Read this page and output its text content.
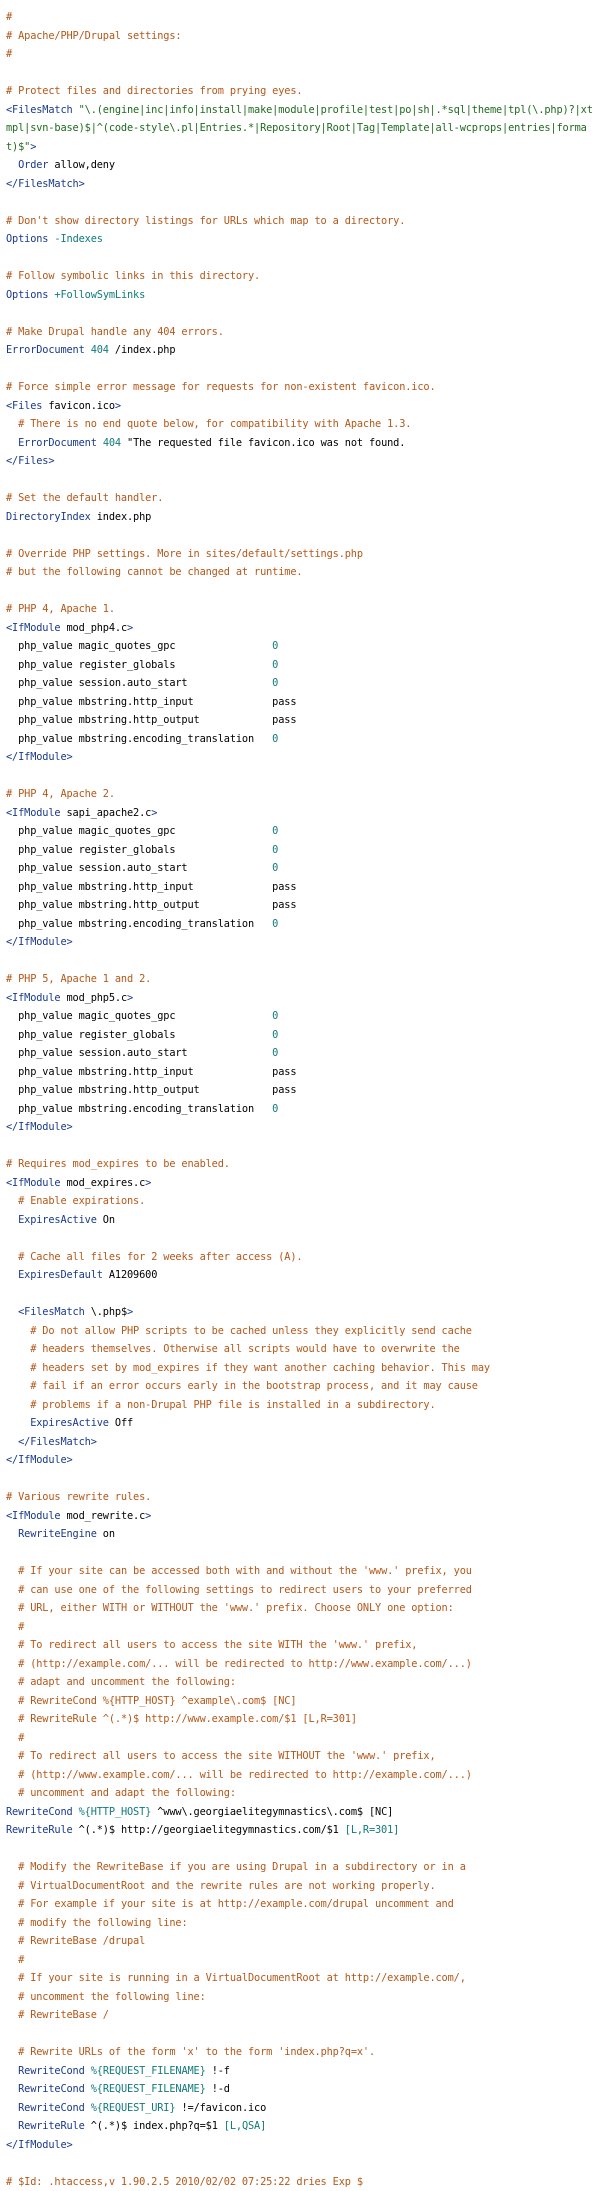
#
# Apache/PHP/Drupal settings:
#

# Protect files and directories from prying eyes.
<FilesMatch "\.(engine|inc|info|install|make|module|profile|test|po|sh|.*sql|theme|tpl(\.php)?|xtmpl|svn-base)$|^(code-style\.pl|Entries.*|Repository|Root|Tag|Template|all-wcprops|entries|format)$">
Order allow,deny
</FilesMatch>

# Don't show directory listings for URLs which map to a directory.
Options -Indexes

# Follow symbolic links in this directory.
Options +FollowSymLinks

# Make Drupal handle any 404 errors.
ErrorDocument 404 /index.php

# Force simple error message for requests for non-existent favicon.ico.
<Files favicon.ico>
# There is no end quote below, for compatibility with Apache 1.3.
ErrorDocument 404 "The requested file favicon.ico was not found.
</Files>

# Set the default handler.
DirectoryIndex index.php

# Override PHP settings. More in sites/default/settings.php
# but the following cannot be changed at runtime.

# PHP 4, Apache 1.
<IfModule mod_php4.c>
php_value magic_quotes_gpc                0
php_value register_globals                0
php_value session.auto_start              0
php_value mbstring.http_input             pass
php_value mbstring.http_output            pass
php_value mbstring.encoding_translation   0
</IfModule>

# PHP 4, Apache 2.
<IfModule sapi_apache2.c>
php_value magic_quotes_gpc                0
php_value register_globals                0
php_value session.auto_start              0
php_value mbstring.http_input             pass
php_value mbstring.http_output            pass
php_value mbstring.encoding_translation   0
</IfModule>

# PHP 5, Apache 1 and 2.
<IfModule mod_php5.c>
php_value magic_quotes_gpc                0
php_value register_globals                0
php_value session.auto_start              0
php_value mbstring.http_input             pass
php_value mbstring.http_output            pass
php_value mbstring.encoding_translation   0
</IfModule>

# Requires mod_expires to be enabled.
<IfModule mod_expires.c>
# Enable expirations.
ExpiresActive On

# Cache all files for 2 weeks after access (A).
ExpiresDefault A1209600

<FilesMatch \.php$>
# Do not allow PHP scripts to be cached unless they explicitly send cache
# headers themselves. Otherwise all scripts would have to overwrite the
# headers set by mod_expires if they want another caching behavior. This may
# fail if an error occurs early in the bootstrap process, and it may cause
# problems if a non-Drupal PHP file is installed in a subdirectory.
ExpiresActive Off
</FilesMatch>
</IfModule>

# Various rewrite rules.
<IfModule mod_rewrite.c>
RewriteEngine on

# If your site can be accessed both with and without the 'www.' prefix, you
# can use one of the following settings to redirect users to your preferred
# URL, either WITH or WITHOUT the 'www.' prefix. Choose ONLY one option:
#
# To redirect all users to access the site WITH the 'www.' prefix,
# (http://example.com/... will be redirected to http://www.example.com/...)
# adapt and uncomment the following:
# RewriteCond %{HTTP_HOST} ^example\.com$ [NC]
# RewriteRule ^(.*)$ http://www.example.com/$1 [L,R=301]
#
# To redirect all users to access the site WITHOUT the 'www.' prefix,
# (http://www.example.com/... will be redirected to http://example.com/...)
# uncomment and adapt the following:
RewriteCond %{HTTP_HOST} ^www\.georgiaelitegymnastics\.com$ [NC]
RewriteRule ^(.*)$ http://georgiaelitegymnastics.com/$1 [L,R=301]

# Modify the RewriteBase if you are using Drupal in a subdirectory or in a
# VirtualDocumentRoot and the rewrite rules are not working properly.
# For example if your site is at http://example.com/drupal uncomment and
# modify the following line:
# RewriteBase /drupal
#
# If your site is running in a VirtualDocumentRoot at http://example.com/,
# uncomment the following line:
# RewriteBase /

# Rewrite URLs of the form 'x' to the form 'index.php?q=x'.
RewriteCond %{REQUEST_FILENAME} !-f
RewriteCond %{REQUEST_FILENAME} !-d
RewriteCond %{REQUEST_URI} !=/favicon.ico
RewriteRule ^(.*)$ index.php?q=$1 [L,QSA]
</IfModule>

# $Id: .htaccess,v 1.90.2.5 2010/02/02 07:25:22 dries Exp $
